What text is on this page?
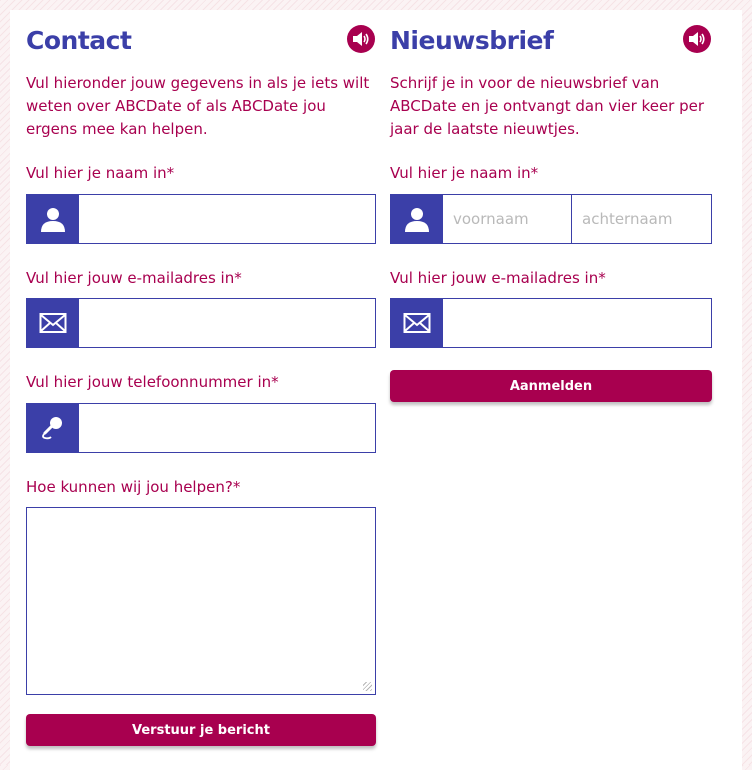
Contact

Vul hieronder jouw gegevens in als je iets wilt weten over ABCDate of als ABCDate jou ergens mee kan helpen.

Vul hier je naam in*

Vul hier jouw e-mailadres in*

Vul hier jouw telefoonnummer in*

Hoe kunnen wij jou helpen?*

Verstuur je bericht
Nieuwsbrief

Schrijf je in voor de nieuwsbrief van ABCDate en je ontvangt dan vier keer per jaar de laatste nieuwtjes.

Vul hier je naam in*

voornaam
achternaam

Vul hier jouw e-mailadres in*

Aanmelden
